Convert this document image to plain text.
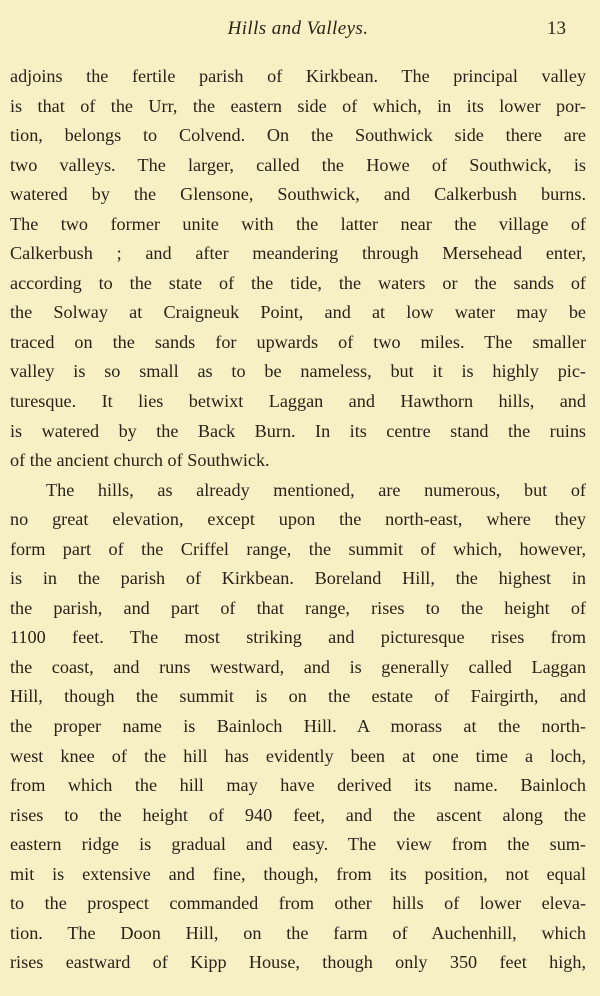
Hills and Valleys.	13
adjoins the fertile parish of Kirkbean. The principal valley
is that of the Urr, the eastern side of which, in its lower por-
tion, belongs to Colvend. On the Southwick side there are
two valleys. The larger, called the Howe of Southwick, is
watered by the Glensone, Southwick, and Calkerbush burns.
The two former unite with the latter near the village of
Calkerbush ; and after meandering through Mersehead enter,
according to the state of the tide, the waters or the sands of
the Solway at Craigneuk Point, and at low water may be
traced on the sands for upwards of two miles. The smaller
valley is so small as to be nameless, but it is highly pic-
turesque. It lies betwixt Laggan and Hawthorn hills, and
is watered by the Back Burn. In its centre stand the ruins
of the ancient church of Southwick.
The hills, as already mentioned, are numerous, but of
no great elevation, except upon the north-east, where they
form part of the Criffel range, the summit of which, however,
is in the parish of Kirkbean. Boreland Hill, the highest in
the parish, and part of that range, rises to the height of
1100 feet. The most striking and picturesque rises from
the coast, and runs westward, and is generally called Laggan
Hill, though the summit is on the estate of Fairgirth, and
the proper name is Bainloch Hill. A morass at the north-
west knee of the hill has evidently been at one time a loch,
from which the hill may have derived its name. Bainloch
rises to the height of 940 feet, and the ascent along the
eastern ridge is gradual and easy. The view from the sum-
mit is extensive and fine, though, from its position, not equal
to the prospect commanded from other hills of lower eleva-
tion. The Doon Hill, on the farm of Auchenhill, which
rises eastward of Kipp House, though only 350 feet high,
